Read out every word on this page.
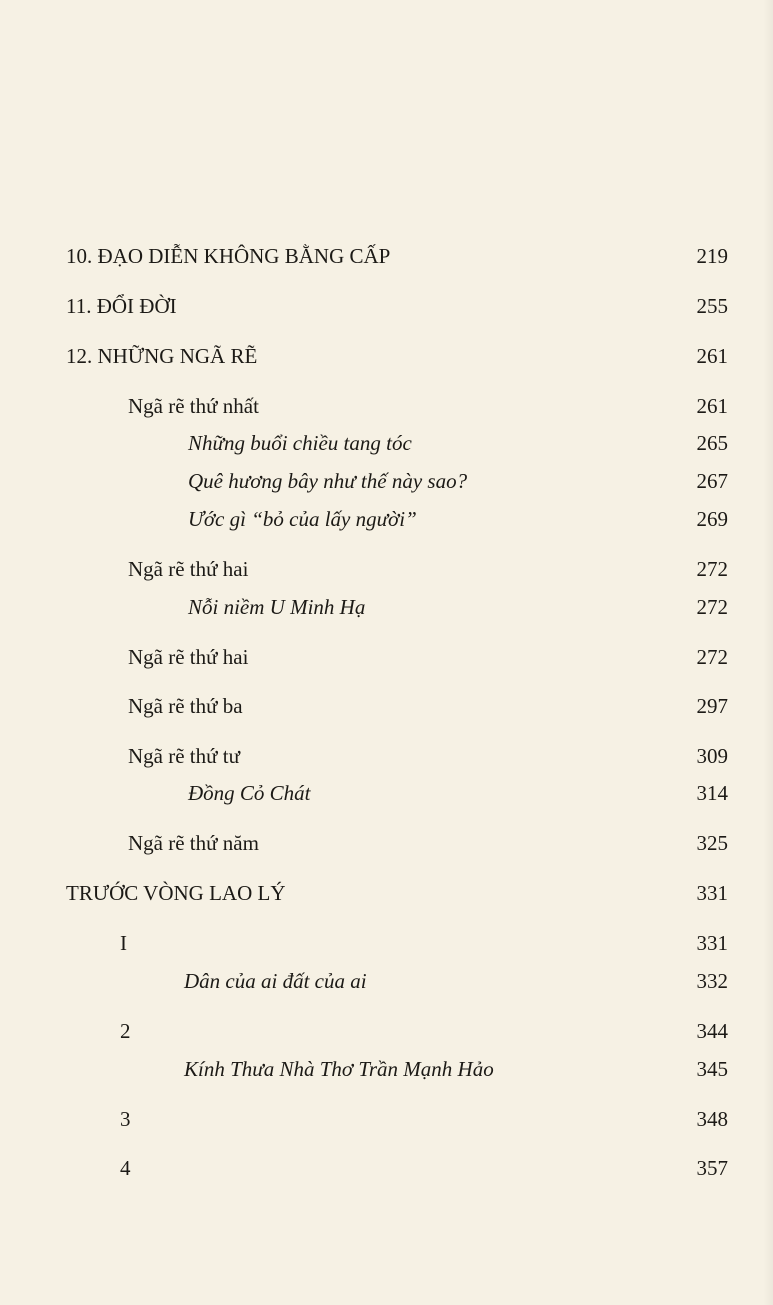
10. ĐẠO DIỄN KHÔNG BẰNG CẤP	219
11. ĐỔI ĐỜI	255
12. NHỮNG NGÃ RẼ	261
Ngã rẽ thứ nhất	261
Những buổi chiều tang tóc	265
Quê hương bây như thế này sao?	267
Ước gì “bỏ của lấy người”	269
Ngã rẽ thứ hai	272
Nỗi niềm U Minh Hạ	272
Ngã rẽ thứ hai	272
Ngã rẽ thứ ba	297
Ngã rẽ thứ tư	309
Đồng Cỏ Chát	314
Ngã rẽ thứ năm	325
TRƯỚC VÒNG LAO LÝ	331
I	331
Dân của ai đất của ai	332
2	344
Kính Thưa Nhà Thơ Trần Mạnh Hảo	345
3	348
4	357
